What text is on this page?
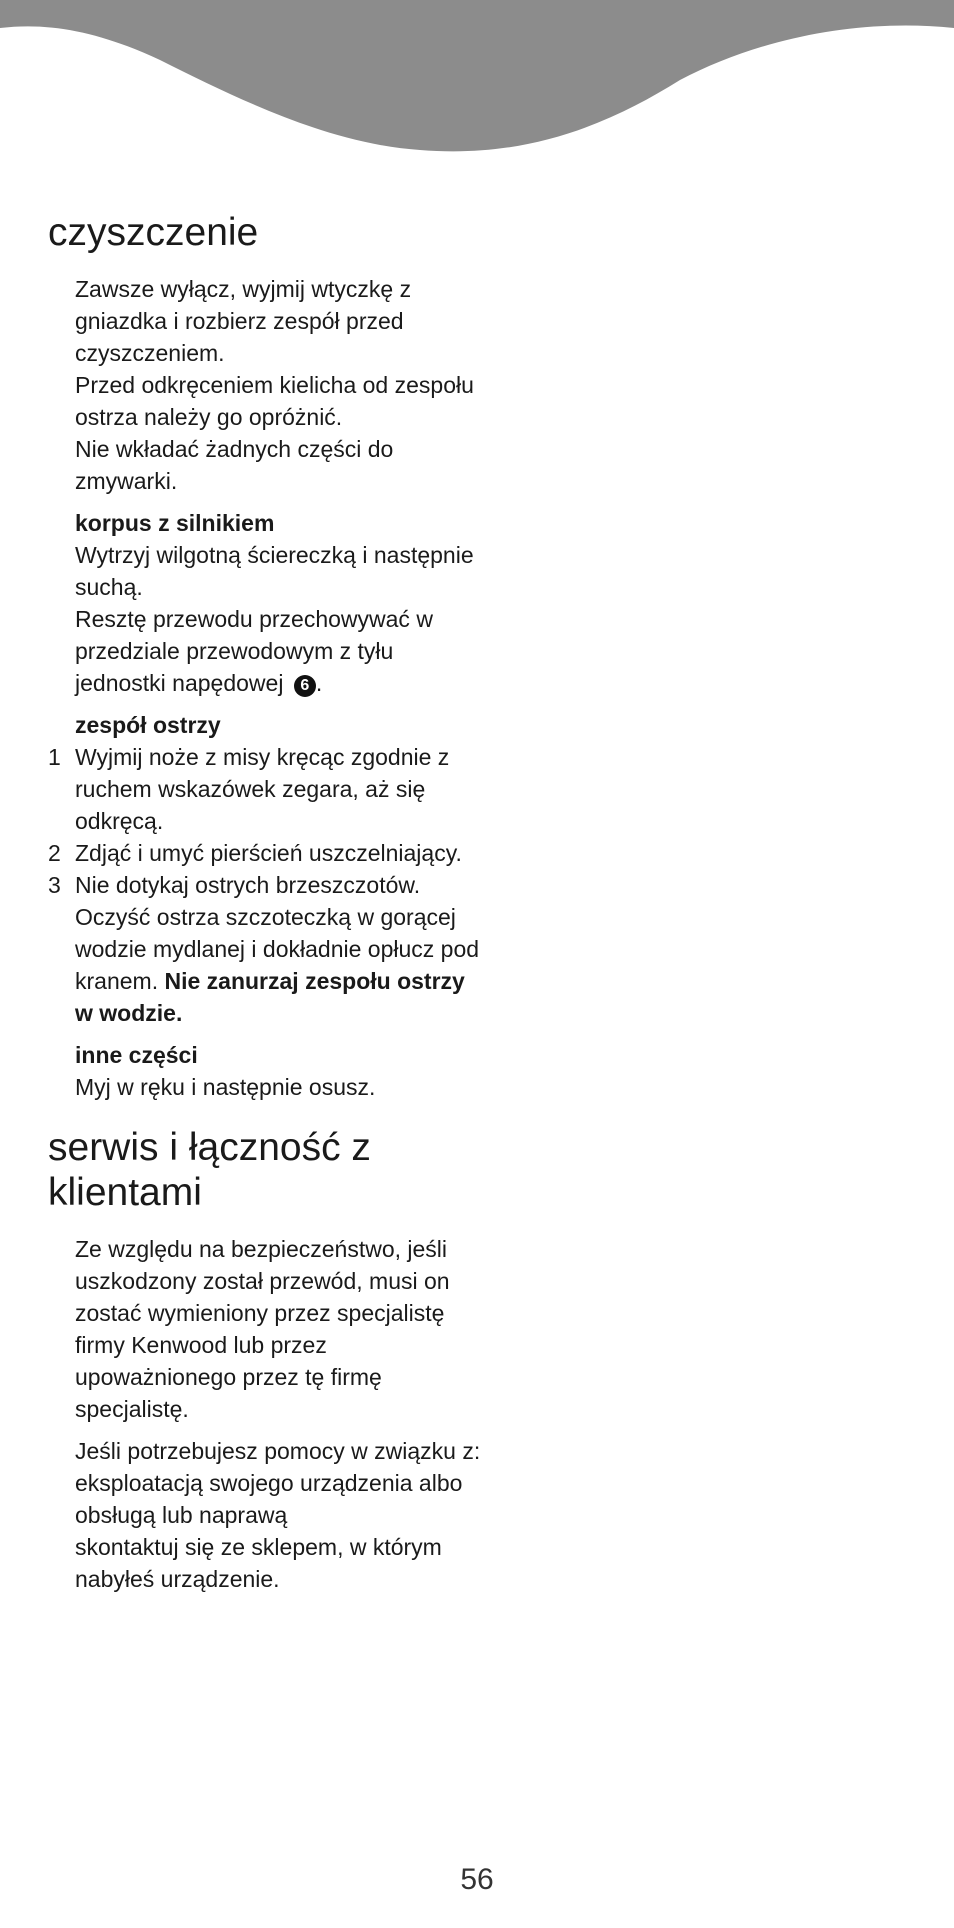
czyszczenie

Zawsze wyłącz, wyjmij wtyczkę z gniazdka i rozbierz zespół przed czyszczeniem.

Przed odkręceniem kielicha od zespołu ostrza należy go opróżnić.

Nie wkładać żadnych części do zmywarki.

korpus z silnikiem

Wytrzyj wilgotną ściereczką i następnie suchą.

Resztę przewodu przechowywać w przedziale przewodowym z tyłu jednostki napędowej 6 .

zespół ostrzy

1 Wyjmij noże z misy kręcąc zgodnie z ruchem wskazówek zegara, aż się odkręcą.

2 Zdjąć i umyć pierścień uszczelniający.

3 Nie dotykaj ostrych brzeszczotów. Oczyść ostrza szczoteczką w gorącej wodzie mydlanej i dokładnie opłucz pod kranem. Nie zanurzaj zespołu ostrzy w wodzie.

inne części

Myj w ręku i następnie osusz.

serwis i łączność z klientami

Ze względu na bezpieczeństwo, jeśli uszkodzony został przewód, musi on zostać wymieniony przez specjalistę firmy Kenwood lub przez upoważnionego przez tę firmę specjalistę.

Jeśli potrzebujesz pomocy w związku z:

eksploatacją swojego urządzenia albo

obsługą lub naprawą

skontaktuj się ze sklepem, w którym nabyłeś urządzenie.

56
